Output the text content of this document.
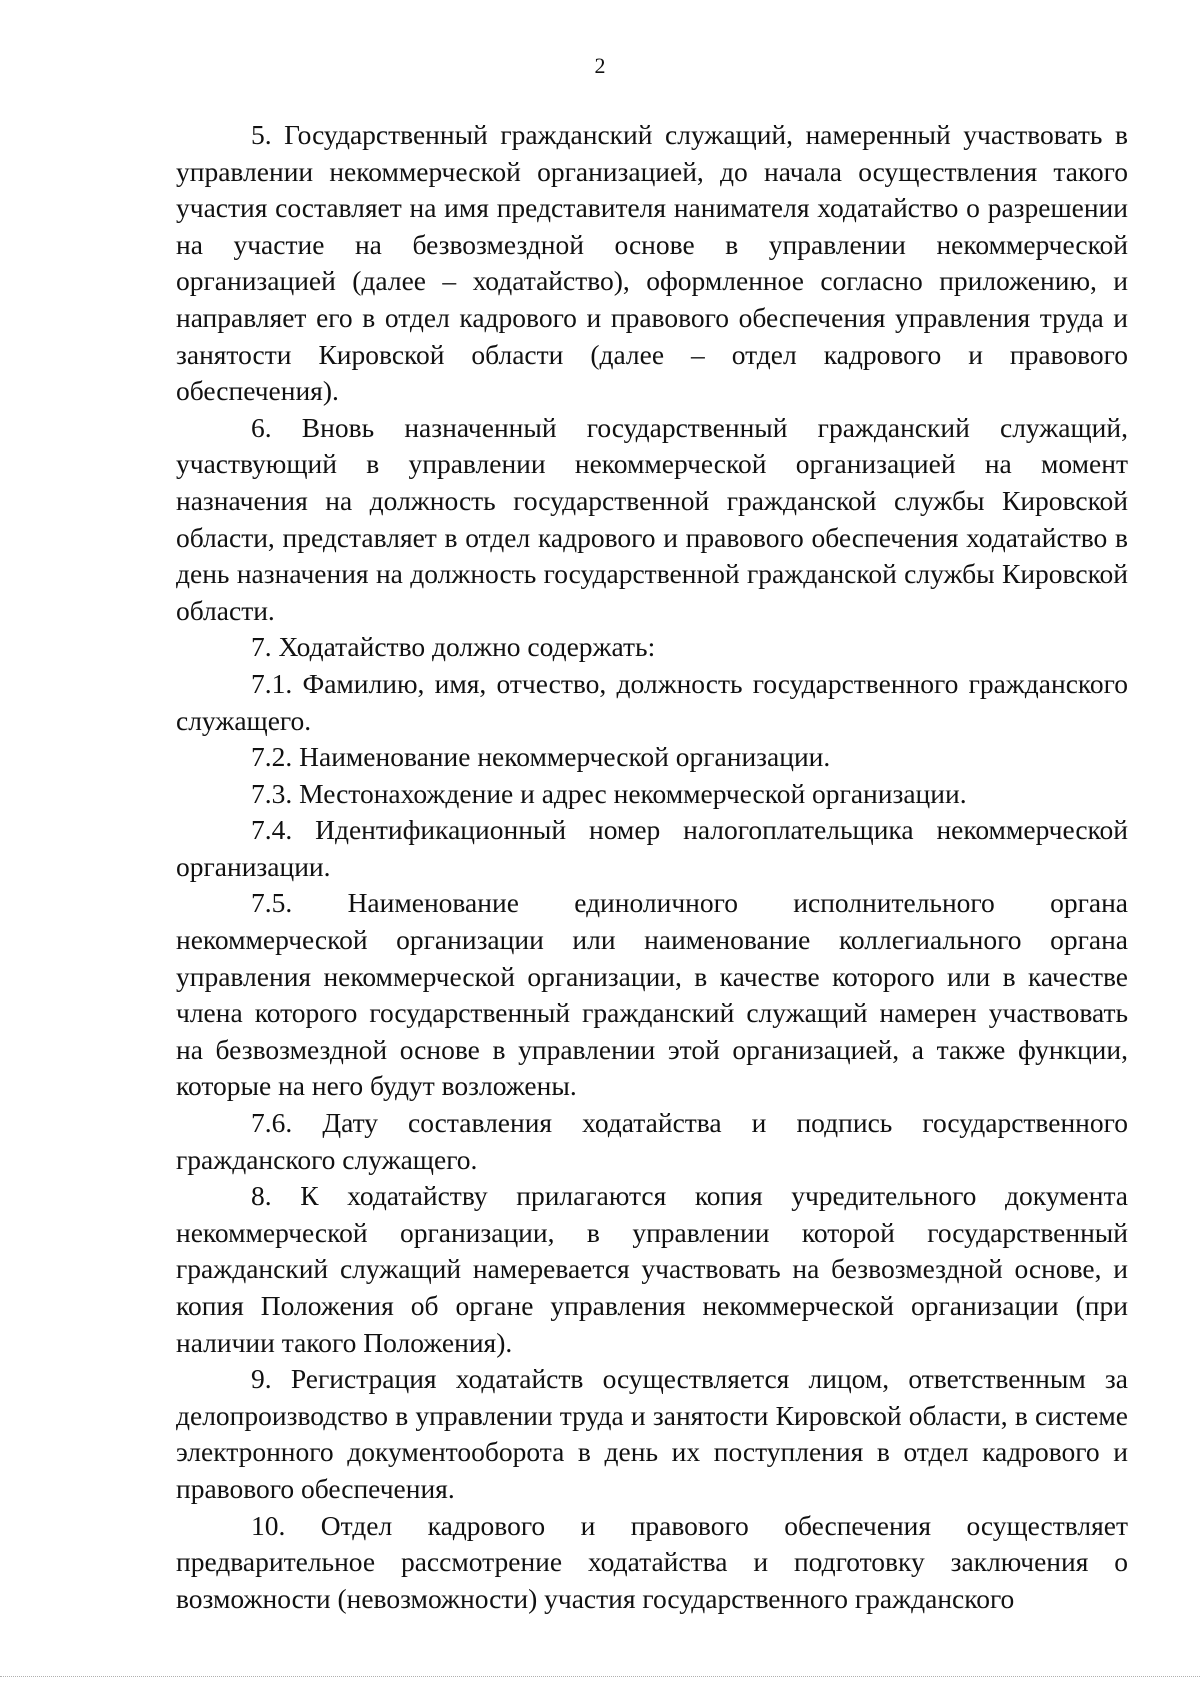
2

5. Государственный гражданский служащий, намеренный участвовать в управлении некоммерческой организацией, до начала осуществления такого участия составляет на имя представителя нанимателя ходатайство о разрешении на участие на безвозмездной основе в управлении некоммерческой организацией (далее – ходатайство), оформленное согласно приложению, и направляет его в отдел кадрового и правового обеспечения управления труда и занятости Кировской области (далее – отдел кадрового и правового обеспечения).

6. Вновь назначенный государственный гражданский служащий, участвующий в управлении некоммерческой организацией на момент назначения на должность государственной гражданской службы Кировской области, представляет в отдел кадрового и правового обеспечения ходатайство в день назначения на должность государственной гражданской службы Кировской области.

7. Ходатайство должно содержать:

7.1. Фамилию, имя, отчество, должность государственного гражданского служащего.

7.2. Наименование некоммерческой организации.

7.3. Местонахождение и адрес некоммерческой организации.

7.4. Идентификационный номер налогоплательщика некоммерческой организации.

7.5. Наименование единоличного исполнительного органа некоммерческой организации или наименование коллегиального органа управления некоммерческой организации, в качестве которого или в качестве члена которого государственный гражданский служащий намерен участвовать на безвозмездной основе в управлении этой организацией, а также функции, которые на него будут возложены.

7.6. Дату составления ходатайства и подпись государственного гражданского служащего.

8. К ходатайству прилагаются копия учредительного документа некоммерческой организации, в управлении которой государственный гражданский служащий намеревается участвовать на безвозмездной основе, и копия Положения об органе управления некоммерческой организации (при наличии такого Положения).

9. Регистрация ходатайств осуществляется лицом, ответственным за делопроизводство в управлении труда и занятости Кировской области, в системе электронного документооборота в день их поступления в отдел кадрового и правового обеспечения.

10. Отдел кадрового и правового обеспечения осуществляет предварительное рассмотрение ходатайства и подготовку заключения о возможности (невозможности) участия государственного гражданского
